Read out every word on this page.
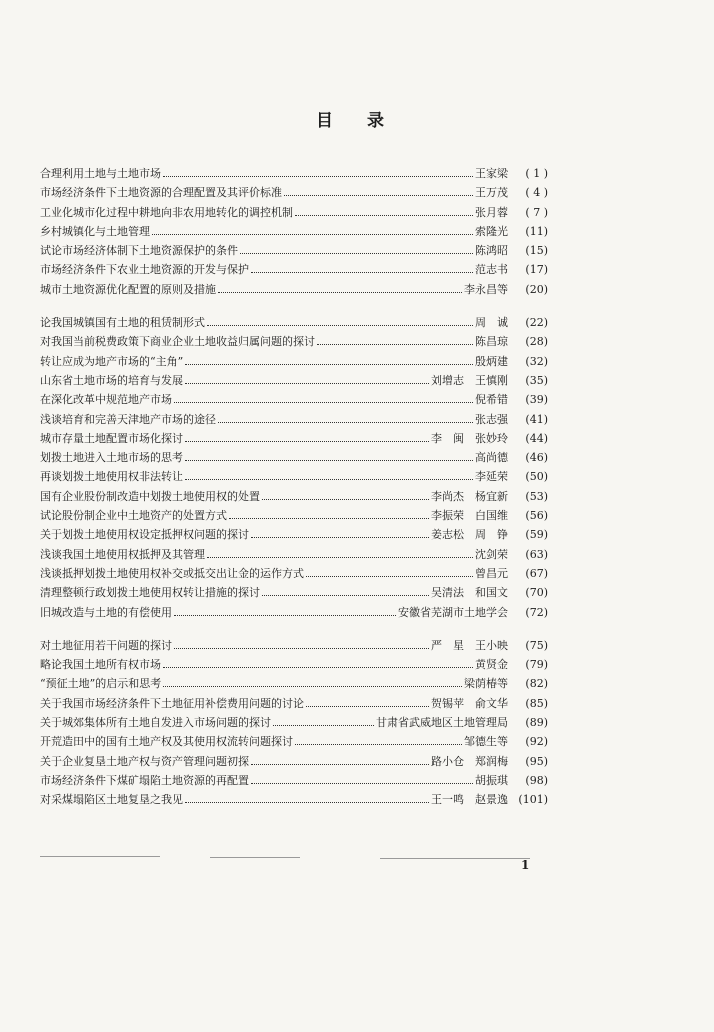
目 录
合理利用土地与土地市场	王家梁	( 1 )
市场经济条件下土地资源的合理配置及其评价标准	王万茂	( 4 )
工业化城市化过程中耕地向非农用地转化的调控机制	张月蓉	( 7 )
乡村城镇化与土地管理	索隆光	(11)
试论市场经济体制下土地资源保护的条件	陈鸿昭	(15)
市场经济条件下农业土地资源的开发与保护	范志书	(17)
城市土地资源优化配置的原则及措施	李永昌等	(20)
论我国城镇国有土地的租赁制形式	周　诚	(22)
对我国当前税费政策下商业企业土地收益归属问题的探讨	陈昌琼	(28)
转让应成为地产市场的“主角”	殷炳建	(32)
山东省土地市场的培育与发展	刘增志　王慎刚	(35)
在深化改革中规范地产市场	倪希错	(39)
浅谈培育和完善天津地产市场的途径	张志强	(41)
城市存量土地配置市场化探讨	李　闽　张妙玲	(44)
划拨土地进入土地市场的思考	高尚德	(46)
再谈划拨土地使用权非法转让	李延荣	(50)
国有企业股份制改造中划拨土地使用权的处置	李尚杰　杨宜新	(53)
试论股份制企业中土地资产的处置方式	李振荣　白国维	(56)
关于划拨土地使用权设定抵押权问题的探讨	姜志松　周　铮	(59)
浅谈我国土地使用权抵押及其管理	沈剑荣	(63)
浅谈抵押划拨土地使用权补交或抵交出让金的运作方式	曾昌元	(67)
清理整顿行政划拨土地使用权转让措施的探讨	吴清法　和国文	(70)
旧城改造与土地的有偿使用	安徽省芜湖市土地学会	(72)
对土地征用若干问题的探讨	严　星　王小映	(75)
略论我国土地所有权市场	黄贤金	(79)
“预征土地”的启示和思考	梁荫椿等	(82)
关于我国市场经济条件下土地征用补偿费用问题的讨论	贺锡苹　俞文华	(85)
关于城郊集体所有土地自发进入市场问题的探讨	甘肃省武威地区土地管理局	(89)
开荒造田中的国有土地产权及其使用权流转问题探讨	邹德生等	(92)
关于企业复垦土地产权与资产管理问题初探	路小仓　郑润梅	(95)
市场经济条件下煤矿塌陷土地资源的再配置	胡振琪	(98)
对采煤塌陷区土地复垦之我见	王一鸣　赵景逸 (101)
1
